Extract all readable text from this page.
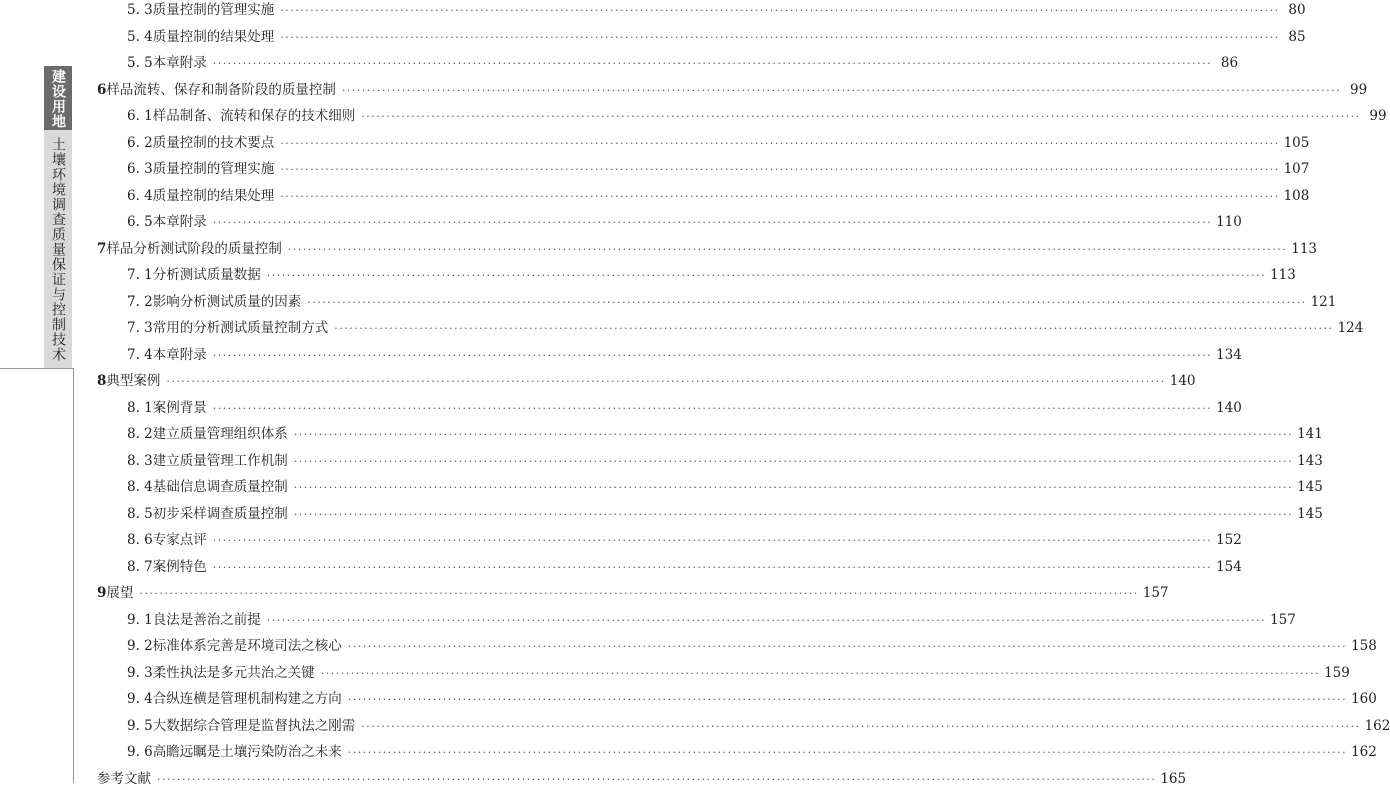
建设用地
土壤环境调查质量保证与控制技术
5. 3 质量控制的管理实施 ········································································································································································································ 80
5. 4 质量控制的结果处理 ········································································································································································································ 85
5. 5 本章附录 ········································································································································································································ 86
6 样品流转、保存和制备阶段的质量控制 ········································································································································································································ 99
6. 1 样品制备、流转和保存的技术细则 ········································································································································································································ 99
6. 2 质量控制的技术要点 ········································································································································································································ 105
6. 3 质量控制的管理实施 ········································································································································································································ 107
6. 4 质量控制的结果处理 ········································································································································································································ 108
6. 5 本章附录 ········································································································································································································ 110
7 样品分析测试阶段的质量控制 ········································································································································································································ 113
7. 1 分析测试质量数据 ········································································································································································································ 113
7. 2 影响分析测试质量的因素 ········································································································································································································ 121
7. 3 常用的分析测试质量控制方式 ········································································································································································································ 124
7. 4 本章附录 ········································································································································································································ 134
8 典型案例 ········································································································································································································ 140
8. 1 案例背景 ········································································································································································································ 140
8. 2 建立质量管理组织体系 ········································································································································································································ 141
8. 3 建立质量管理工作机制 ········································································································································································································ 143
8. 4 基础信息调查质量控制 ········································································································································································································ 145
8. 5 初步采样调查质量控制 ········································································································································································································ 145
8. 6 专家点评 ········································································································································································································ 152
8. 7 案例特色 ········································································································································································································ 154
9 展望 ········································································································································································································ 157
9. 1 良法是善治之前提 ········································································································································································································ 157
9. 2 标准体系完善是环境司法之核心 ········································································································································································································ 158
9. 3 柔性执法是多元共治之关键 ········································································································································································································ 159
9. 4 合纵连横是管理机制构建之方向 ········································································································································································································ 160
9. 5 大数据综合管理是监督执法之刚需 ········································································································································································································ 162
9. 6 高瞻远瞩是土壤污染防治之未来 ········································································································································································································ 162
参考文献 ········································································································································································································ 165
